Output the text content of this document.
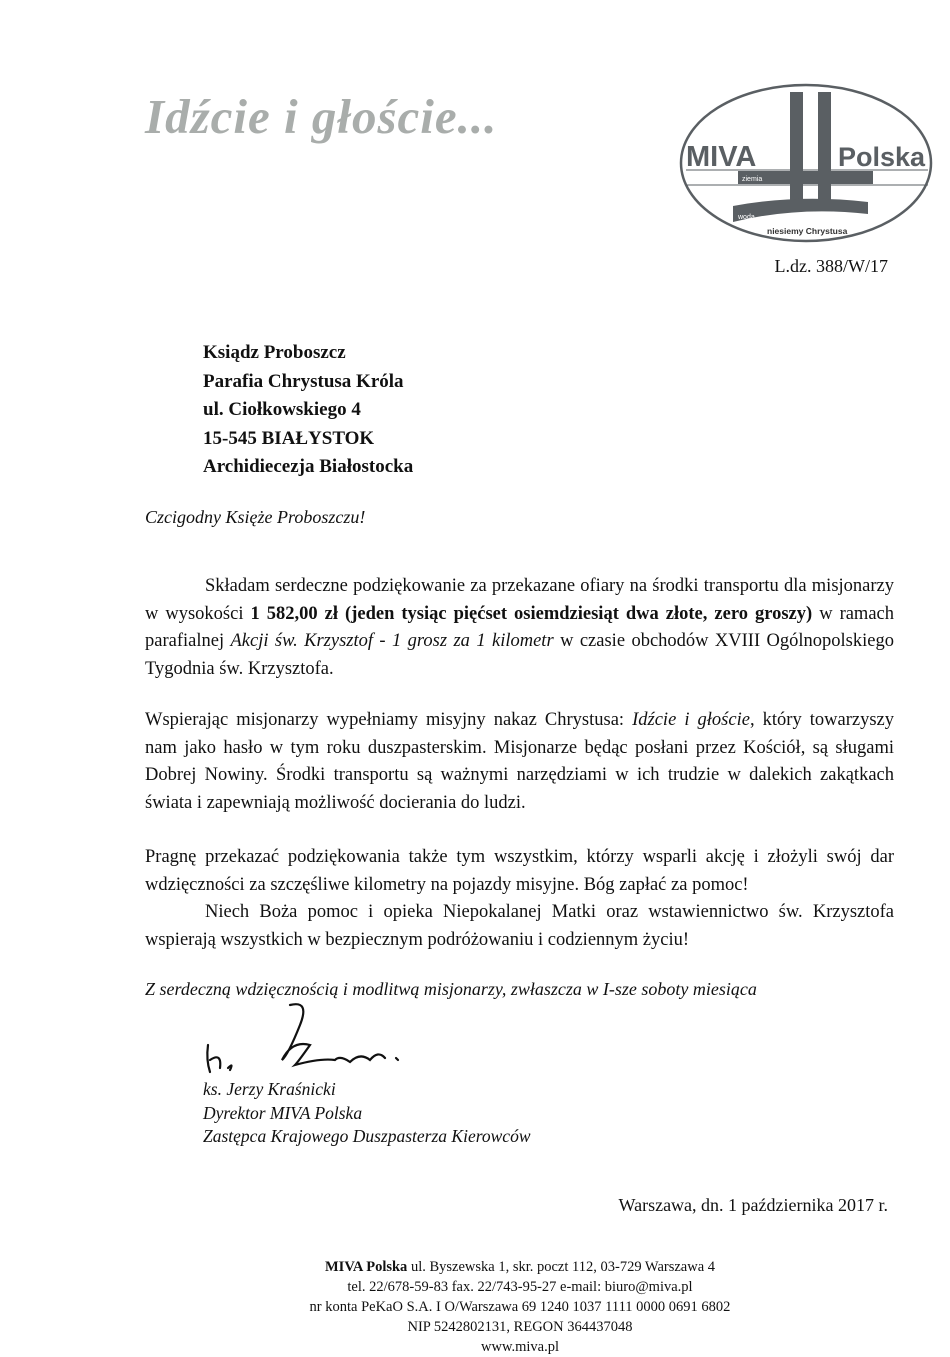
Idźcie i głoście...
MIVA	Polska
ziemia
woda
niesiemy Chrystusa
L.dz. 388/W/17
Ksiądz Proboszcz
Parafia Chrystusa Króla
ul. Ciołkowskiego 4
15-545 BIAŁYSTOK
Archidiecezja Białostocka
Czcigodny Księże Proboszczu!

Składam serdeczne podziękowanie za przekazane ofiary na środki transportu dla misjonarzy w wysokości 1 582,00 zł (jeden tysiąc pięćset osiemdziesiąt dwa złote, zero groszy) w ramach parafialnej Akcji św. Krzysztof - 1 grosz za 1 kilometr w czasie obchodów XVIII Ogólnopolskiego Tygodnia św. Krzysztofa.

Wspierając misjonarzy wypełniamy misyjny nakaz Chrystusa: Idźcie i głoście, który towarzyszy nam jako hasło w tym roku duszpasterskim. Misjonarze będąc posłani przez Kościół, są sługami Dobrej Nowiny. Środki transportu są ważnymi narzędziami w ich trudzie w dalekich zakątkach świata i zapewniają możliwość docierania do ludzi.

Pragnę przekazać podziękowania także tym wszystkim, którzy wsparli akcję i złożyli swój dar wdzięczności za szczęśliwe kilometry na pojazdy misyjne. Bóg zapłać za pomoc!

Niech Boża pomoc i opieka Niepokalanej Matki oraz wstawiennictwo św. Krzysztofa wspierają wszystkich w bezpiecznym podróżowaniu i codziennym życiu!

Z serdeczną wdzięcznością i modlitwą misjonarzy, zwłaszcza w I-sze soboty miesiąca
ks. Jerzy Kraśnicki
Dyrektor MIVA Polska
Zastępca Krajowego Duszpasterza Kierowców
Warszawa, dn. 1 października 2017 r.
MIVA Polska ul. Byszewska 1, skr. poczt 112, 03-729 Warszawa 4
tel. 22/678-59-83 fax. 22/743-95-27 e-mail: biuro@miva.pl
nr konta PeKaO S.A. I O/Warszawa 69 1240 1037 1111 0000 0691 6802
NIP 5242802131, REGON 364437048
www.miva.pl
